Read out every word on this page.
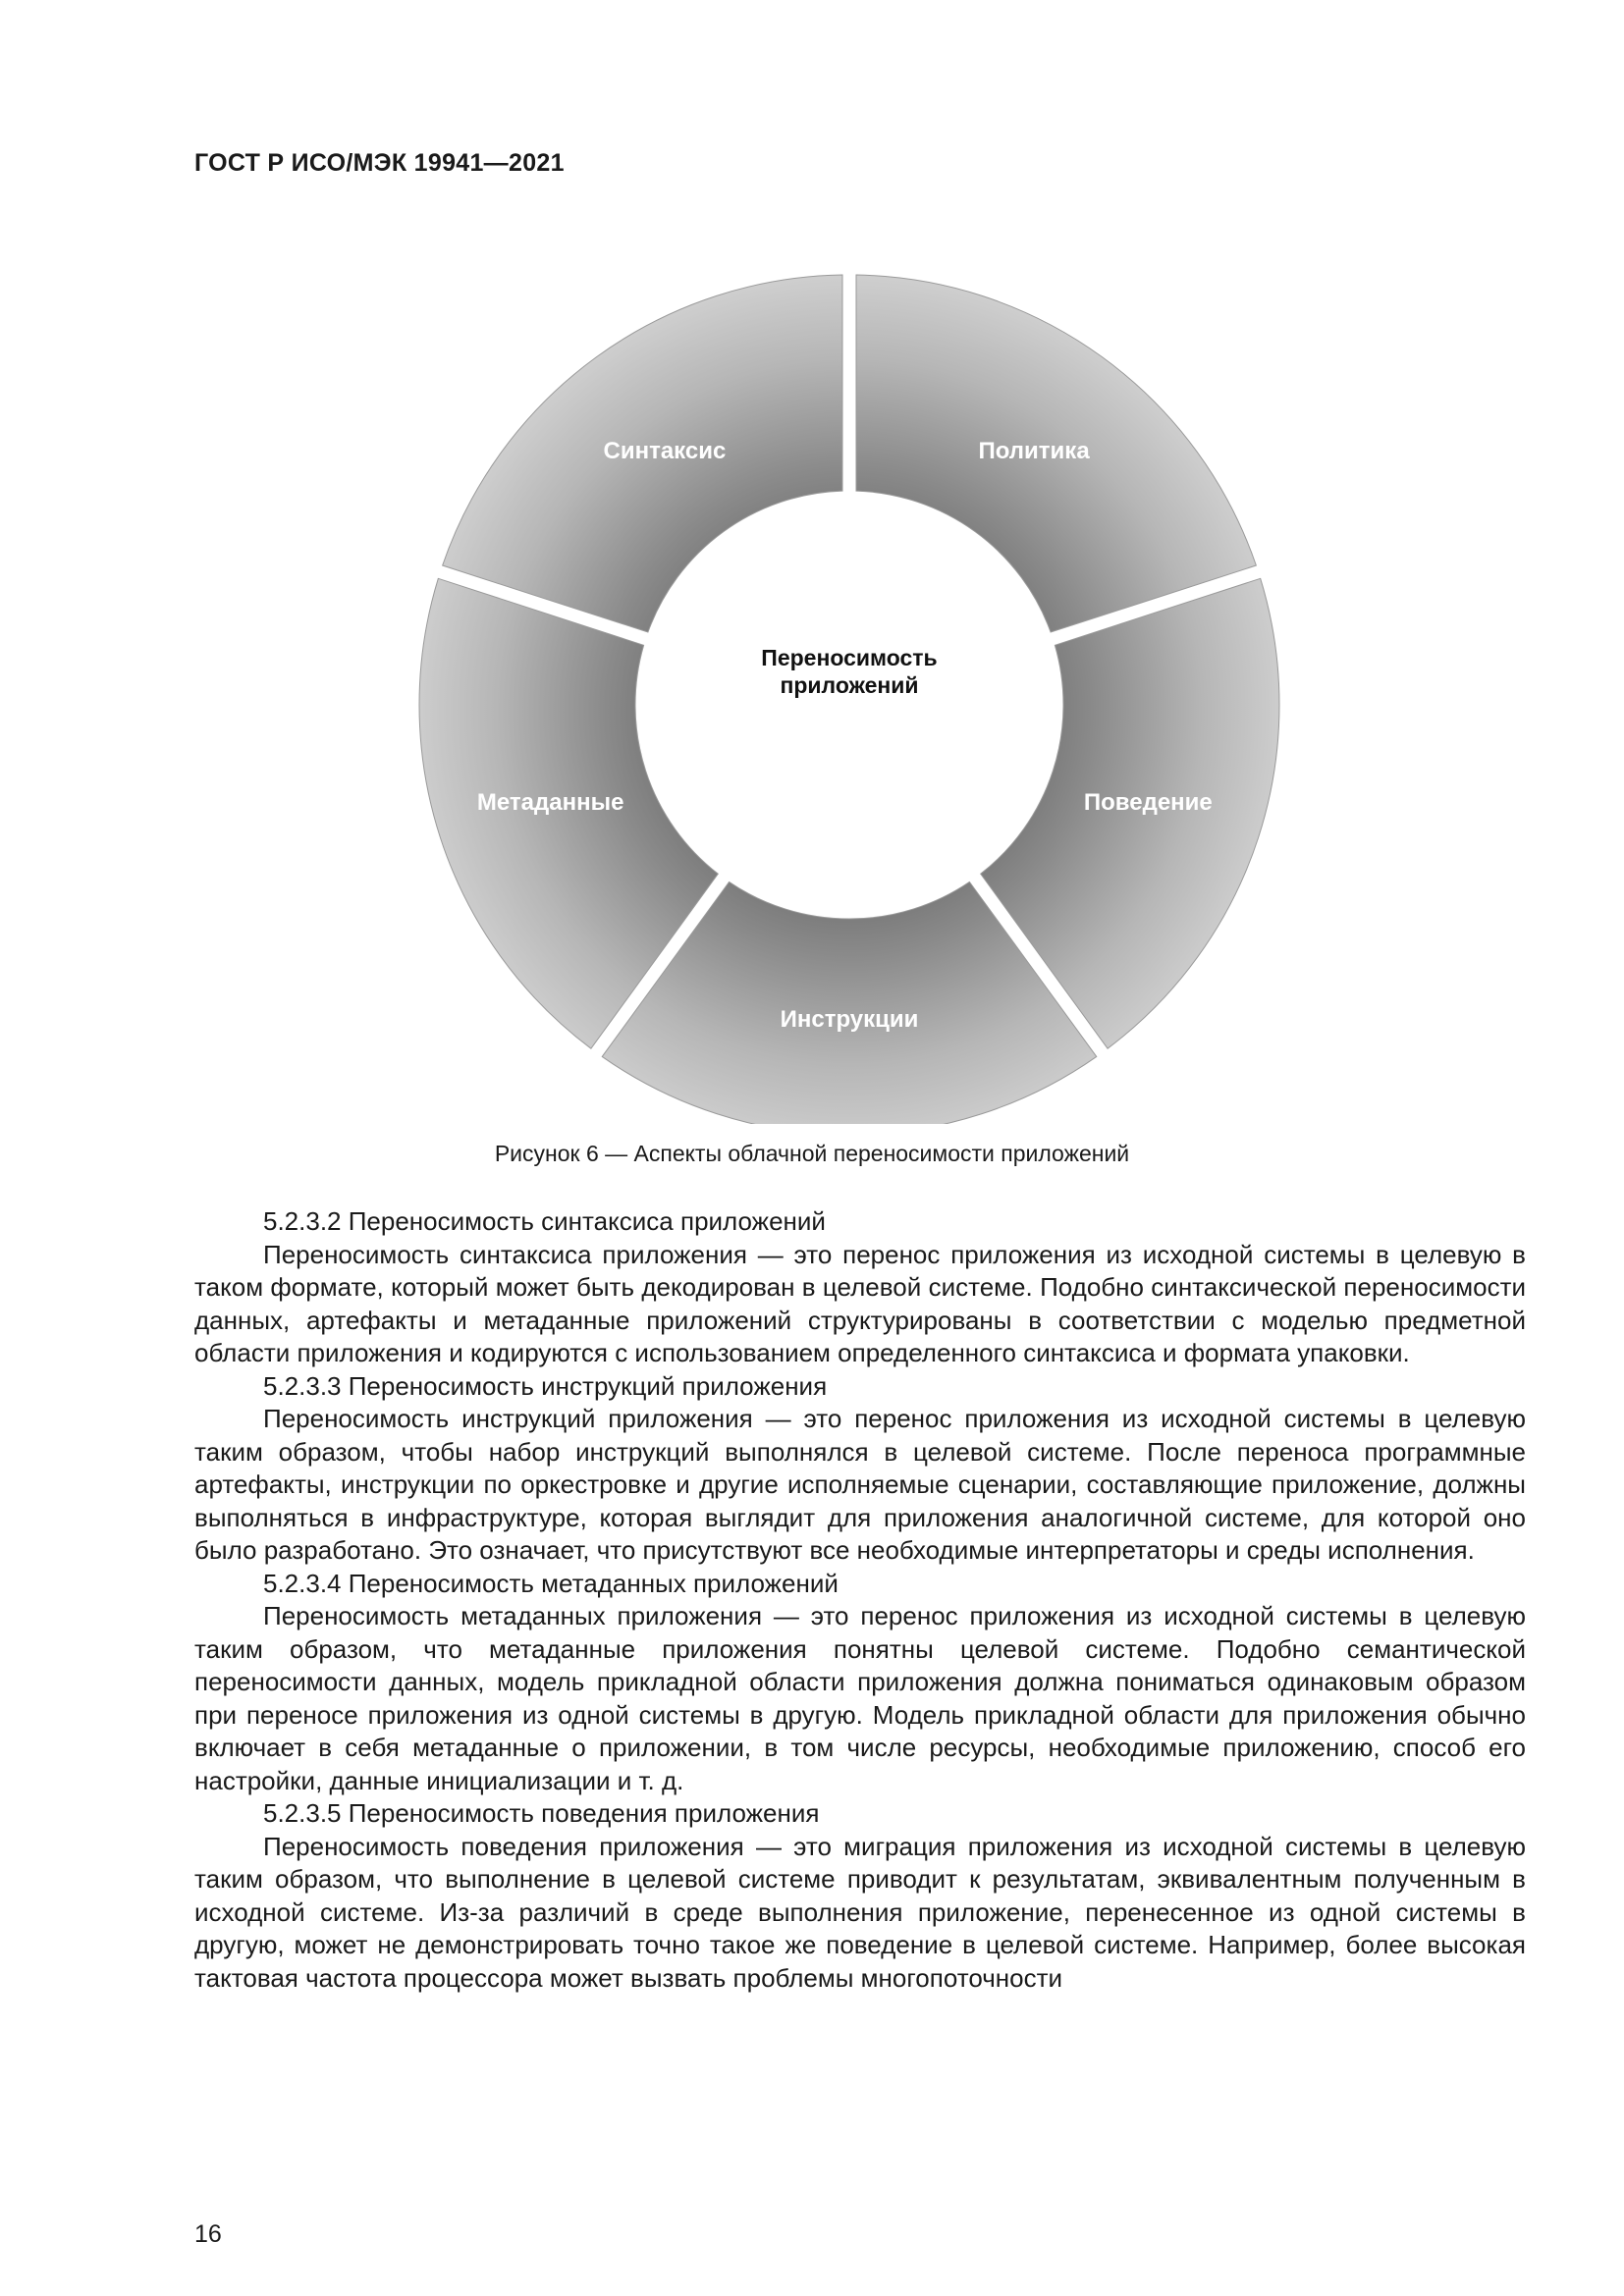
ГОСТ Р ИСО/МЭК 19941—2021
Синтаксис	Политика
Поведение
Инструкции
Метаданные
Переносимость
приложений
Рисунок 6 — Аспекты облачной переносимости приложений

5.2.3.2 Переносимость синтаксиса приложений

Переносимость синтаксиса приложения — это перенос приложения из исходной системы в целевую в таком формате, который может быть декодирован в целевой системе. Подобно синтаксической переносимости данных, артефакты и метаданные приложений структурированы в соответствии с моделью предметной области приложения и кодируются с использованием определенного синтаксиса и формата упаковки.

5.2.3.3 Переносимость инструкций приложения

Переносимость инструкций приложения — это перенос приложения из исходной системы в целевую таким образом, чтобы набор инструкций выполнялся в целевой системе. После переноса программные артефакты, инструкции по оркестровке и другие исполняемые сценарии, составляющие приложение, должны выполняться в инфраструктуре, которая выглядит для приложения аналогичной системе, для которой оно было разработано. Это означает, что присутствуют все необходимые интерпретаторы и среды исполнения.

5.2.3.4 Переносимость метаданных приложений

Переносимость метаданных приложения — это перенос приложения из исходной системы в целевую таким образом, что метаданные приложения понятны целевой системе. Подобно семантической переносимости данных, модель прикладной области приложения должна пониматься одинаковым образом при переносе приложения из одной системы в другую. Модель прикладной области для приложения обычно включает в себя метаданные о приложении, в том числе ресурсы, необходимые приложению, способ его настройки, данные инициализации и т. д.

5.2.3.5 Переносимость поведения приложения

Переносимость поведения приложения — это миграция приложения из исходной системы в целевую таким образом, что выполнение в целевой системе приводит к результатам, эквивалентным полученным в исходной системе. Из-за различий в среде выполнения приложение, перенесенное из одной системы в другую, может не демонстрировать точно такое же поведение в целевой системе. Например, более высокая тактовая частота процессора может вызвать проблемы многопоточности

16
